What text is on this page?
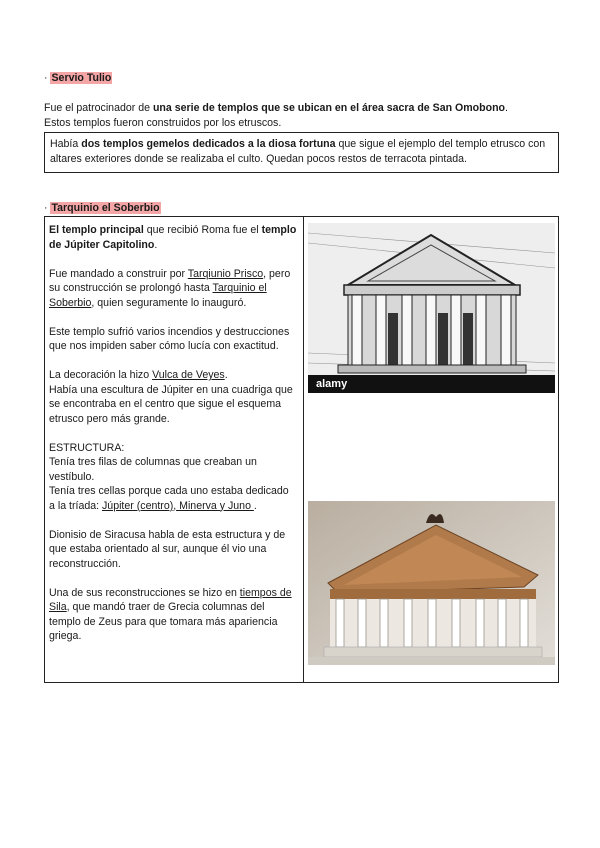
· Servio Tulio

Fue el patrocinador de una serie de templos que se ubican en el área sacra de San Omobono.

Estos templos fueron construidos por los etruscos.

Había dos templos gemelos dedicados a la diosa fortuna que sigue el ejemplo del templo etrusco con altares exteriores donde se realizaba el culto. Quedan pocos restos de terracota pintada.

· Tarquinio el Soberbio

El templo principal que recibió Roma fue el templo de Júpiter Capitolino.

Fue mandado a construir por Tarqiunio Prisco, pero su construcción se prolongó hasta Tarquinio el Soberbio, quien seguramente lo inauguró.

Este templo sufrió varios incendios y destrucciones que nos impiden saber cómo lucía con exactitud.

La decoración la hizo Vulca de Veyes.

Había una escultura de Júpiter en una cuadriga que se encontraba en el centro que sigue el esquema etrusco pero más grande.

ESTRUCTURA:

Tenía tres filas de columnas que creaban un vestíbulo.

Tenía tres cellas porque cada uno estaba dedicado a la tríada: Júpiter (centro), Minerva y Juno .

Dionisio de Siracusa habla de esta estructura y de que estaba orientado al sur, aunque él vio una reconstrucción.

Una de sus reconstrucciones se hizo en tiempos de Sila, que mandó traer de Grecia columnas del templo de Zeus para que tomara más apariencia griega.

alamy
